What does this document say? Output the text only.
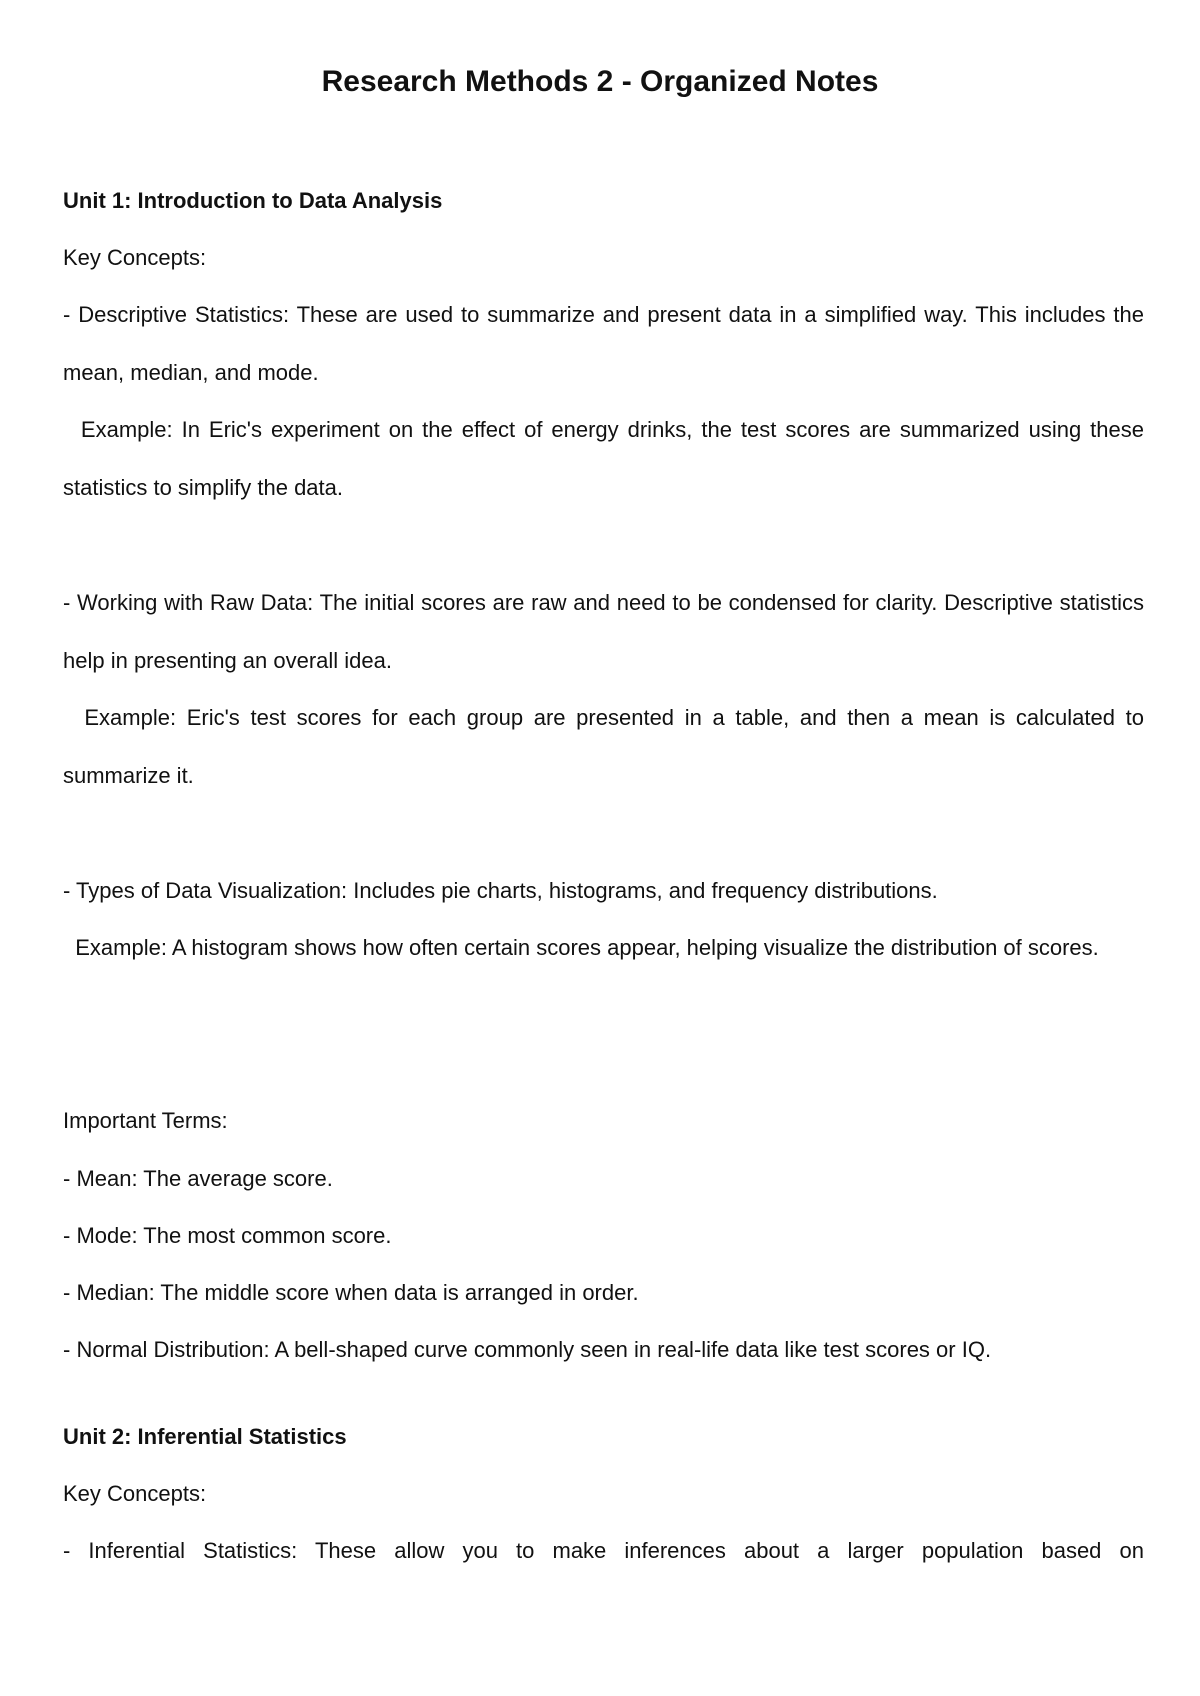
Research Methods 2 - Organized Notes

Unit 1: Introduction to Data Analysis

Key Concepts:

- Descriptive Statistics: These are used to summarize and present data in a simplified way. This includes the mean, median, and mode.

Example: In Eric's experiment on the effect of energy drinks, the test scores are summarized using these statistics to simplify the data.

- Working with Raw Data: The initial scores are raw and need to be condensed for clarity. Descriptive statistics help in presenting an overall idea.

Example: Eric's test scores for each group are presented in a table, and then a mean is calculated to summarize it.

- Types of Data Visualization: Includes pie charts, histograms, and frequency distributions.

Example: A histogram shows how often certain scores appear, helping visualize the distribution of scores.

Important Terms:

- Mean: The average score.

- Mode: The most common score.

- Median: The middle score when data is arranged in order.

- Normal Distribution: A bell-shaped curve commonly seen in real-life data like test scores or IQ.

Unit 2: Inferential Statistics

Key Concepts:

- Inferential Statistics: These allow you to make inferences about a larger population based on
